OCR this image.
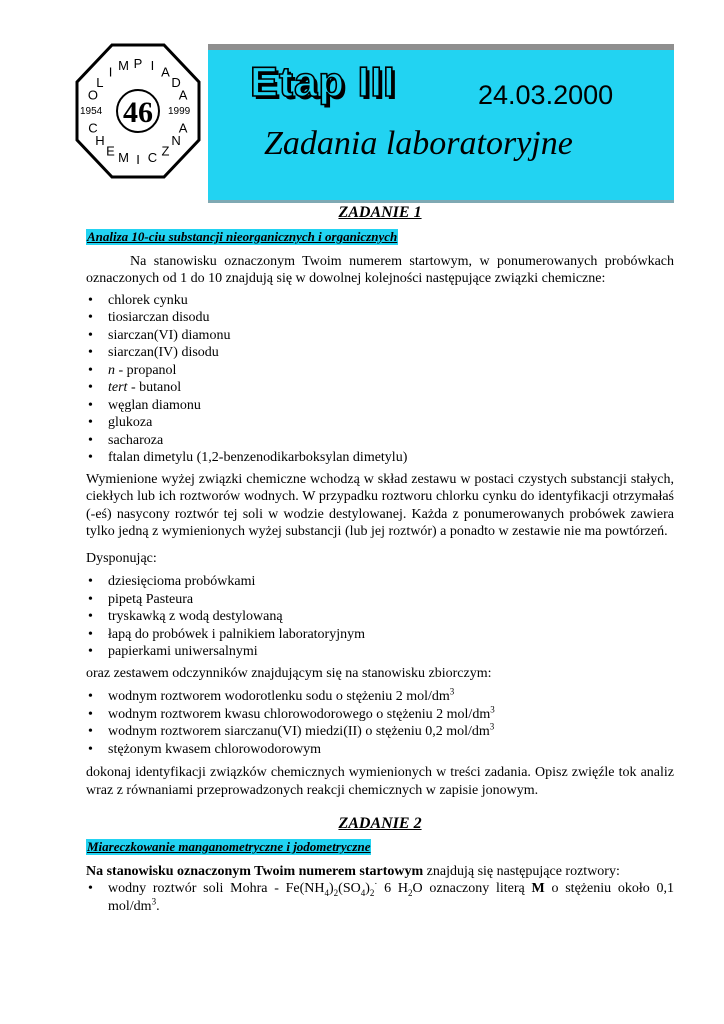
46
1954	1999
O
L
I M P I A
D
A
C
H
E M I C Z
N
A
Etap III	24.03.2000
Zadania laboratoryjne
ZADANIE 1
Analiza 10-ciu substancji nieorganicznych i organicznych

Na stanowisku oznaczonym Twoim numerem startowym, w ponumerowanych probówkach oznaczonych od 1 do 10 znajdują się w dowolnej kolejności następujące związki chemiczne:

• chlorek cynku
• tiosiarczan disodu
• siarczan(VI) diamonu
• siarczan(IV) disodu
• n - propanol
• tert - butanol
• węglan diamonu
• glukoza
• sacharoza
• ftalan dimetylu (1,2-benzenodikarboksylan dimetylu)

Wymienione wyżej związki chemiczne wchodzą w skład zestawu w postaci czystych substancji stałych, ciekłych lub ich roztworów wodnych. W przypadku roztworu chlorku cynku do identyfikacji otrzymałaś (-eś) nasycony roztwór tej soli w wodzie destylowanej. Każda z ponumerowanych probówek zawiera tylko jedną z wymienionych wyżej substancji (lub jej roztwór) a ponadto w zestawie nie ma powtórzeń.

Dysponując:

• dziesięcioma probówkami
• pipetą Pasteura
• tryskawką z wodą destylowaną
• łapą do probówek i palnikiem laboratoryjnym
• papierkami uniwersalnymi

oraz zestawem odczynników znajdującym się na stanowisku zbiorczym:

• wodnym roztworem wodorotlenku sodu o stężeniu 2 mol/$dm^3$
• wodnym roztworem kwasu chlorowodorowego o stężeniu 2 mol/$dm^3$
• wodnym roztworem siarczanu(VI) miedzi(II) o stężeniu 0,2 mol/$dm^3$
• stężonym kwasem chlorowodorowym

dokonaj identyfikacji związków chemicznych wymienionych w treści zadania. Opisz zwięźle tok analiz wraz z równaniami przeprowadzonych reakcji chemicznych w zapisie jonowym.

ZADANIE 2
Miareczkowanie manganometryczne i jodometryczne

Na stanowisku oznaczonym Twoim numerem startowym znajdują się następujące roztwory:

• wodny roztwór soli Mohra - $Fe(NH_4)_2(SO_4)_2^\cdot$ 6 $H_2O$ oznaczony literą M o stężeniu około 0,1 mol/$dm^3$.
